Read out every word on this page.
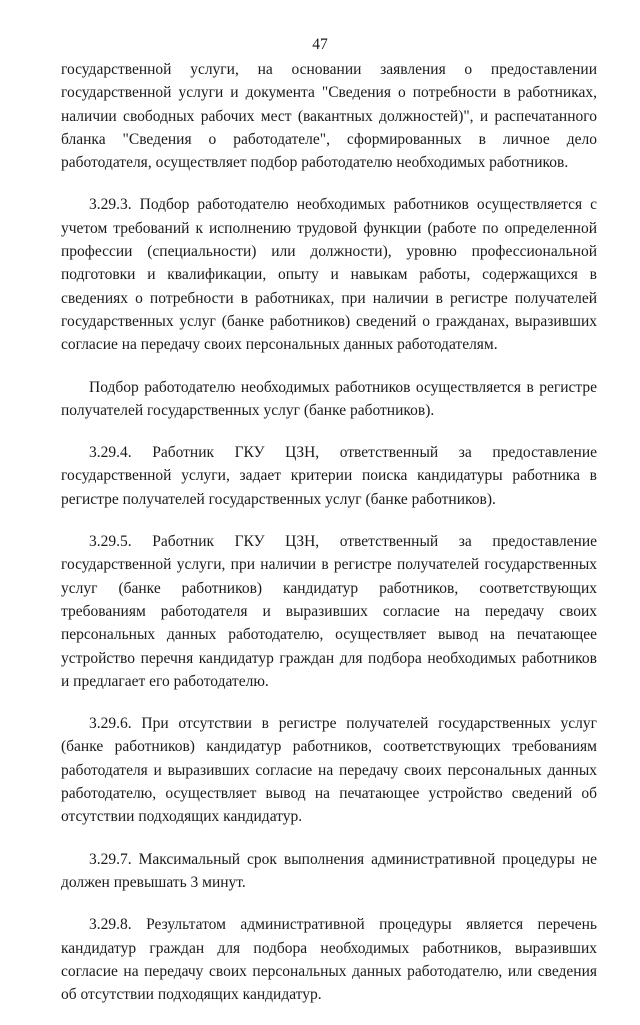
47

государственной услуги, на основании заявления о предоставлении государственной услуги и документа "Сведения о потребности в работниках, наличии свободных рабочих мест (вакантных должностей)", и распечатанного бланка "Сведения о работодателе", сформированных в личное дело работодателя, осуществляет подбор работодателю необходимых работников.

3.29.3. Подбор работодателю необходимых работников осуществляется с учетом требований к исполнению трудовой функции (работе по определенной профессии (специальности) или должности), уровню профессиональной подготовки и квалификации, опыту и навыкам работы, содержащихся в сведениях о потребности в работниках, при наличии в регистре получателей государственных услуг (банке работников) сведений о гражданах, выразивших согласие на передачу своих персональных данных работодателям.

Подбор работодателю необходимых работников осуществляется в регистре получателей государственных услуг (банке работников).

3.29.4. Работник ГКУ ЦЗН, ответственный за предоставление государственной услуги, задает критерии поиска кандидатуры работника в регистре получателей государственных услуг (банке работников).

3.29.5. Работник ГКУ ЦЗН, ответственный за предоставление государственной услуги, при наличии в регистре получателей государственных услуг (банке работников) кандидатур работников, соответствующих требованиям работодателя и выразивших согласие на передачу своих персональных данных работодателю, осуществляет вывод на печатающее устройство перечня кандидатур граждан для подбора необходимых работников и предлагает его работодателю.

3.29.6. При отсутствии в регистре получателей государственных услуг (банке работников) кандидатур работников, соответствующих требованиям работодателя и выразивших согласие на передачу своих персональных данных работодателю, осуществляет вывод на печатающее устройство сведений об отсутствии подходящих кандидатур.

3.29.7. Максимальный срок выполнения административной процедуры не должен превышать 3 минут.

3.29.8. Результатом административной процедуры является перечень кандидатур граждан для подбора необходимых работников, выразивших согласие на передачу своих персональных данных работодателю, или сведения об отсутствии подходящих кандидатур.
